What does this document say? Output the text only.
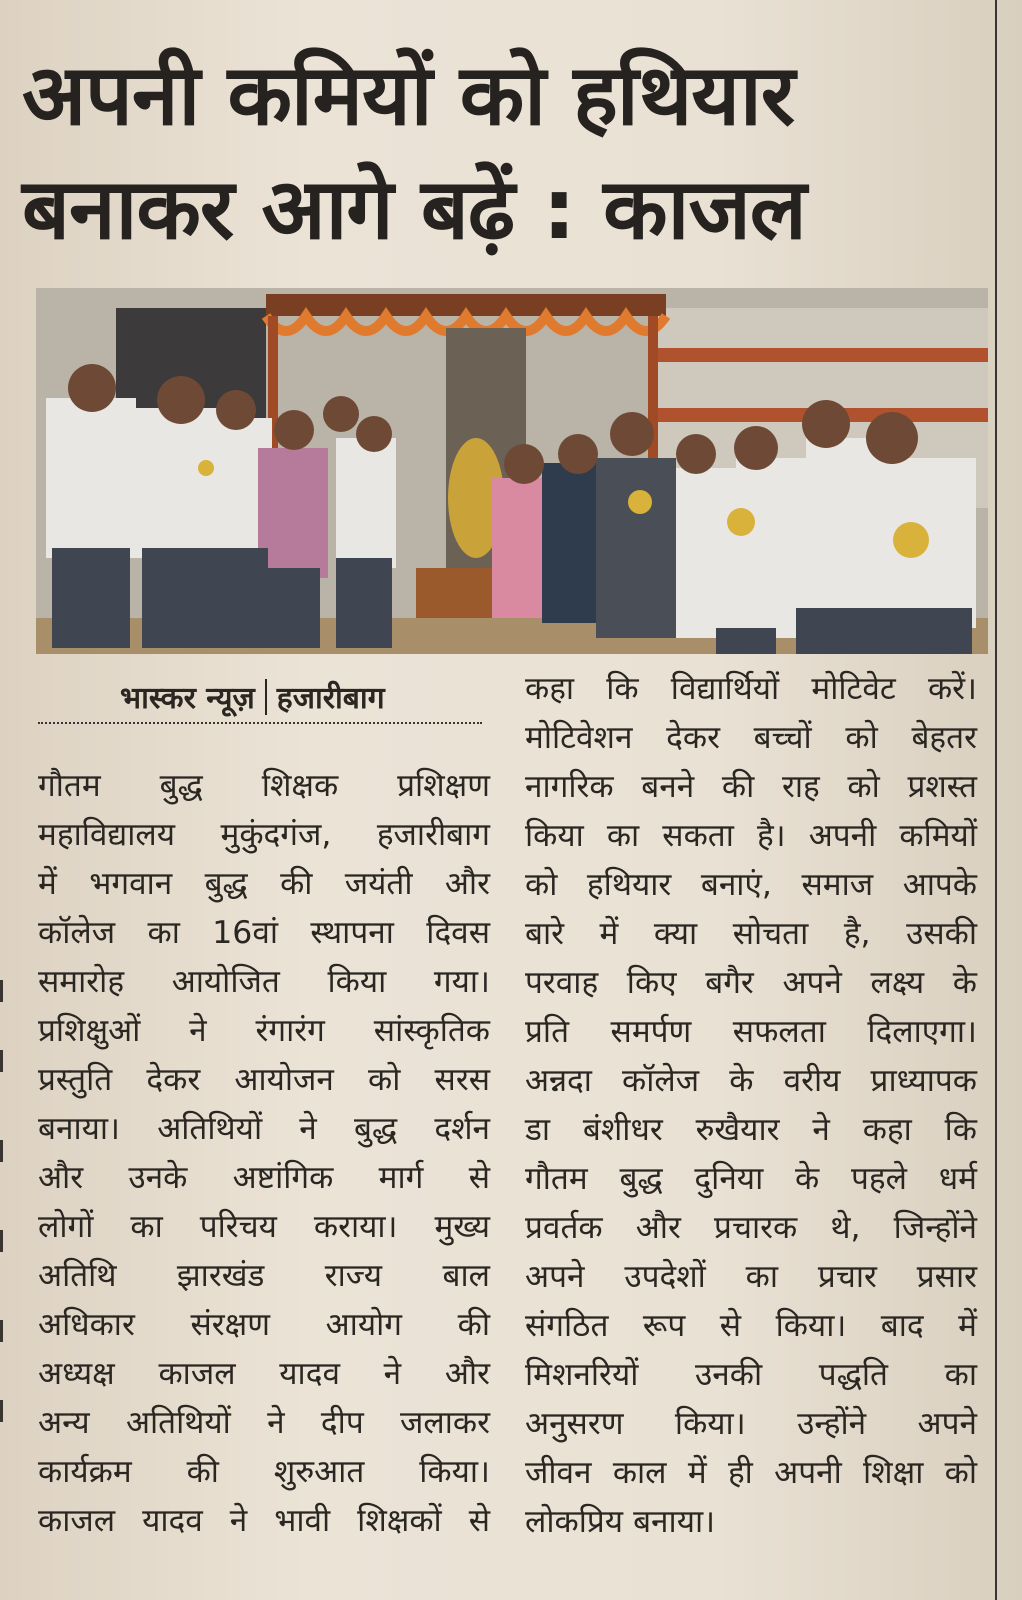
अपनी कमियों को हथियार
बनाकर आगे बढ़ें : काजल
भास्कर न्यूज़ हजारीबाग
गौतम बुद्ध शिक्षक प्रशिक्षण
महाविद्यालय मुकुंदगंज, हजारीबाग
में भगवान बुद्ध की जयंती और
कॉलेज का 16वां स्थापना दिवस
समारोह आयोजित किया गया।
प्रशिक्षुओं ने रंगारंग सांस्कृतिक
प्रस्तुति देकर आयोजन को सरस
बनाया। अतिथियों ने बुद्ध दर्शन
और उनके अष्टांगिक मार्ग से
लोगों का परिचय कराया। मुख्य
अतिथि झारखंड राज्य बाल
अधिकार संरक्षण आयोग की
अध्यक्ष काजल यादव ने और
अन्य अतिथियों ने दीप जलाकर
कार्यक्रम की शुरुआत किया।
काजल यादव ने भावी शिक्षकों से
कहा कि विद्यार्थियों मोटिवेट करें।
मोटिवेशन देकर बच्चों को बेहतर
नागरिक बनने की राह को प्रशस्त
किया का सकता है। अपनी कमियों
को हथियार बनाएं, समाज आपके
बारे में क्या सोचता है, उसकी
परवाह किए बगैर अपने लक्ष्य के
प्रति समर्पण सफलता दिलाएगा।
अन्नदा कॉलेज के वरीय प्राध्यापक
डा बंशीधर रुखैयार ने कहा कि
गौतम बुद्ध दुनिया के पहले धर्म
प्रवर्तक और प्रचारक थे, जिन्होंने
अपने उपदेशों का प्रचार प्रसार
संगठित रूप से किया। बाद में
मिशनरियों उनकी पद्धति का
अनुसरण किया। उन्होंने अपने
जीवन काल में ही अपनी शिक्षा को
लोकप्रिय बनाया।
